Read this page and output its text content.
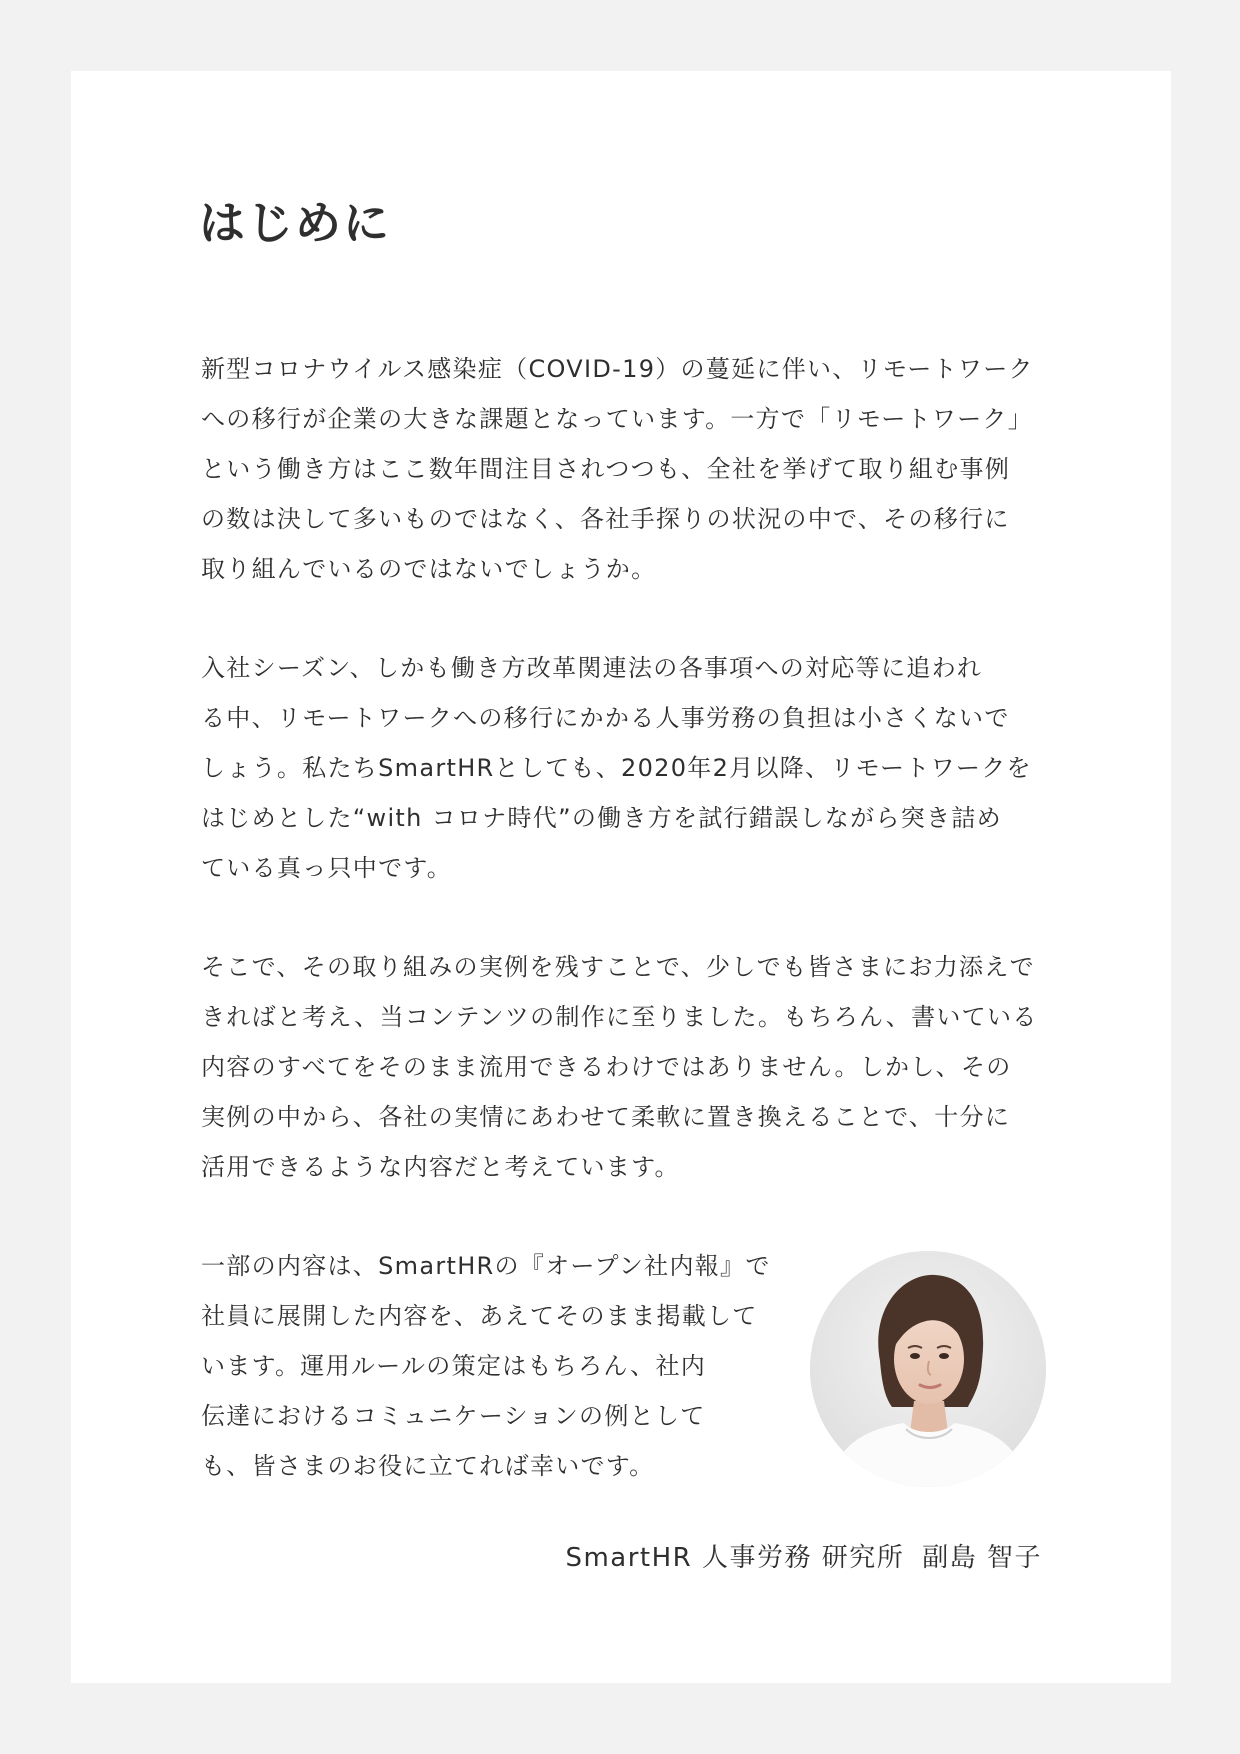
はじめに

新型コロナウイルス感染症（COVID-19）の蔓延に伴い、リモートワーク
への移行が企業の大きな課題となっています。一方で「リモートワーク」
という働き方はここ数年間注目されつつも、全社を挙げて取り組む事例
の数は決して多いものではなく、各社手探りの状況の中で、その移行に
取り組んでいるのではないでしょうか。

入社シーズン、しかも働き方改革関連法の各事項への対応等に追われ
る中、リモートワークへの移行にかかる人事労務の負担は小さくないで
しょう。私たちSmartHRとしても、2020年2月以降、リモートワークを
はじめとした“with コロナ時代”の働き方を試行錯誤しながら突き詰め
ている真っ只中です。

そこで、その取り組みの実例を残すことで、少しでも皆さまにお力添えで
きればと考え、当コンテンツの制作に至りました。もちろん、書いている
内容のすべてをそのまま流用できるわけではありません。しかし、その
実例の中から、各社の実情にあわせて柔軟に置き換えることで、十分に
活用できるような内容だと考えています。

一部の内容は、SmartHRの『オープン社内報』で
社員に展開した内容を、あえてそのまま掲載して
います。運用ルールの策定はもちろん、社内
伝達におけるコミュニケーションの例として
も、皆さまのお役に立てれば幸いです。

SmartHR 人事労務 研究所 副島 智子
